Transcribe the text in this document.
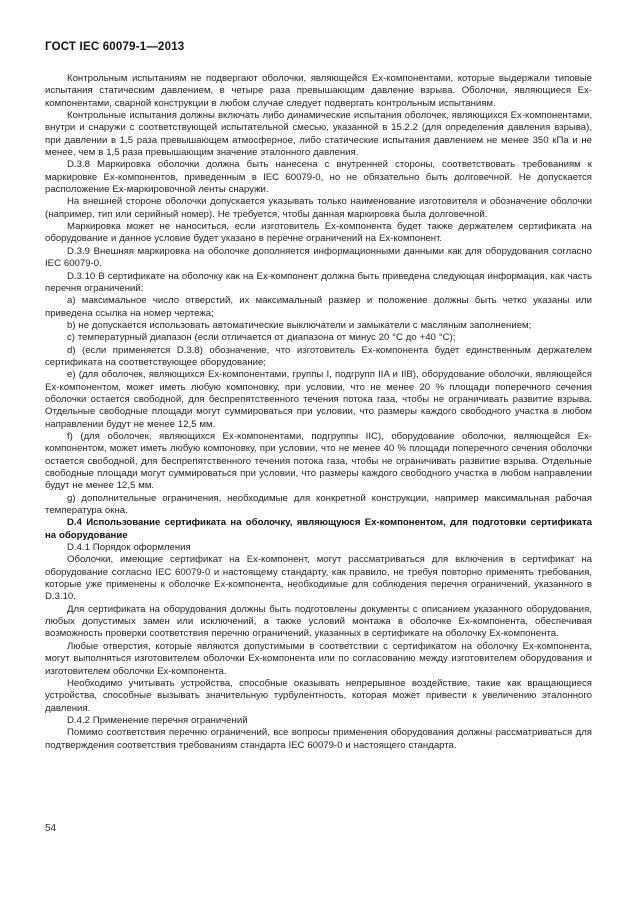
ГОСТ IEC 60079-1—2013

Контрольным испытаниям не подвергают оболочки, являющейся Ех-компонентами, которые выдержали типовые испытания статическим давлением, в четыре раза превышающим давление взрыва. Оболочки, являющиеся Ех-компонентами, сварной конструкции в любом случае следует подвергать контрольным испытаниям.

Контрольные испытания должны включать либо динамические испытания оболочек, являющихся Ех-компонентами, внутри и снаружи с соответствующей испытательной смесью, указанной в 15.2.2 (для определения давления взрыва), при давлении в 1,5 раза превышающем атмосферное, либо статические испытания давлением не менее 350 кПа и не менее, чем в 1,5 раза превышающим значение эталонного давления.

D.3.8 Маркировка оболочки должна быть нанесена с внутренней стороны, соответствовать требованиям к маркировке Ех-компонентов, приведенным в IEC 60079-0, но не обязательно быть долговечной. Не допускается расположение Ех-маркировочной ленты снаружи.

На внешней стороне оболочки допускается указывать только наименование изготовителя и обозначение оболочки (например, тип или серийный номер). Не требуется, чтобы данная маркировка была долговечной.

Маркировка может не наноситься, если изготовитель Ех-компонента будет также держателем сертификата на оборудование и данное условие будет указано в перечне ограничений на Ех-компонент.

D.3.9 Внешняя маркировка на оболочке дополняется информационными данными как для оборудования согласно IEC 60079-0.

D.3.10 В сертификате на оболочку как на Ех-компонент должна быть приведена следующая информация, как часть перечня ограничений:

a) максимальное число отверстий, их максимальный размер и положение должны быть четко указаны или приведена ссылка на номер чертежа;

b) не допускается использовать автоматические выключатели и замыкатели с масляным заполнением;

c) температурный диапазон (если отличается от диапазона от минус 20 °C до +40 °C);

d) (если применяется D.3.8) обозначение, что изготовитель Ех-компонента будет единственным держателем сертификата на соответствующее оборудование;

e) (для оболочек, являющихся Ех-компонентами, группы I, подгрупп IIA и IIB), оборудование оболочки, являющейся Ех-компонентом, может иметь любую компоновку, при условии, что не менее 20 % площади поперечного сечения оболочки остается свободной, для беспрепятственного течения потока газа, чтобы не ограничивать развитие взрыва. Отдельные свободные площади могут суммироваться при условии, что размеры каждого свободного участка в любом направлении будут не менее 12,5 мм.

f) (для оболочек, являющихся Ех-компонентами, подгруппы IIC), оборудование оболочки, являющейся Ех-компонентом, может иметь любую компоновку, при условии, что не менее 40 % площади поперечного сечения оболочки остается свободной, для беспрепятственного течения потока газа, чтобы не ограничивать развитие взрыва. Отдельные свободные площади могут суммироваться при условии, что размеры каждого свободного участка в любом направлении будут не менее 12,5 мм.

g) дополнительные ограничения, необходимые для конкретной конструкции, например максимальная рабочая температура окна.

D.4 Использование сертификата на оболочку, являющуюся Ех-компонентом, для подготовки сертификата на оборудование

D.4.1 Порядок оформления

Оболочки, имеющие сертификат на Ех-компонент, могут рассматриваться для включения в сертификат на оборудование согласно IEC 60079-0 и настоящему стандарту, как правило, не требуя повторно применять требования, которые уже применены к оболочке Ех-компонента, необходимые для соблюдения перечня ограничений, указанного в D.3.10.

Для сертификата на оборудования должны быть подготовлены документы с описанием указанного оборудования, любых допустимых замен или исключений, а также условий монтажа в оболочке Ех-компонента, обеспечивая возможность проверки соответствия перечню ограничений, указанных в сертификате на оболочку Ех-компонента.

Любые отверстия, которые являются допустимыми в соответствии с сертификатом на оболочку Ех-компонента, могут выполняться изготовителем оболочки Ех-компонента или по согласованию между изготовителем оборудования и изготовителем оболочки Ех-компонента.

Необходимо учитывать устройства, способные оказывать непрерывное воздействие, такие как вращающиеся устройства, способные вызывать значительную турбулентность, которая может привести к увеличению эталонного давления.

D.4.2 Применение перечня ограничений

Помимо соответствия перечню ограничений, все вопросы применения оборудования должны рассматриваться для подтверждения соответствия требованиям стандарта IEC 60079-0 и настоящего стандарта.

54
